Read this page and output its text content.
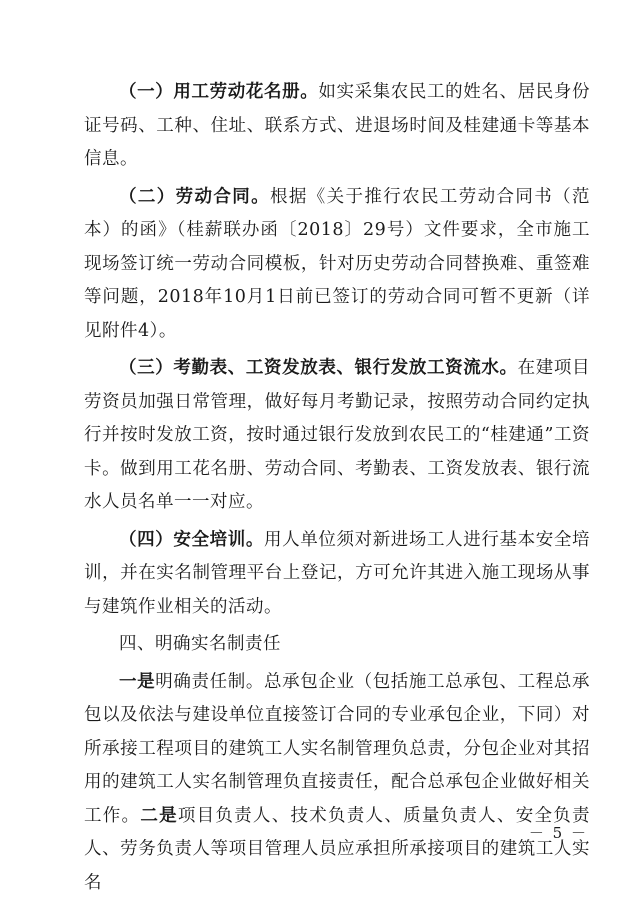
（一）用工劳动花名册。如实采集农民工的姓名、居民身份证号码、工种、住址、联系方式、进退场时间及桂建通卡等基本信息。

（二）劳动合同。根据《关于推行农民工劳动合同书（范本）的函》（桂薪联办函〔2018〕29号）文件要求，全市施工现场签订统一劳动合同模板，针对历史劳动合同替换难、重签难等问题，2018年10月1日前已签订的劳动合同可暂不更新（详见附件4）。

（三）考勤表、工资发放表、银行发放工资流水。在建项目劳资员加强日常管理，做好每月考勤记录，按照劳动合同约定执行并按时发放工资，按时通过银行发放到农民工的“桂建通”工资卡。做到用工花名册、劳动合同、考勤表、工资发放表、银行流水人员名单一一对应。

（四）安全培训。用人单位须对新进场工人进行基本安全培训，并在实名制管理平台上登记，方可允许其进入施工现场从事与建筑作业相关的活动。

四、明确实名制责任

一是明确责任制。总承包企业（包括施工总承包、工程总承包以及依法与建设单位直接签订合同的专业承包企业，下同）对所承接工程项目的建筑工人实名制管理负总责，分包企业对其招用的建筑工人实名制管理负直接责任，配合总承包企业做好相关工作。二是项目负责人、技术负责人、质量负责人、安全负责人、劳务负责人等项目管理人员应承担所承接项目的建筑工人实名

－ 5 －
